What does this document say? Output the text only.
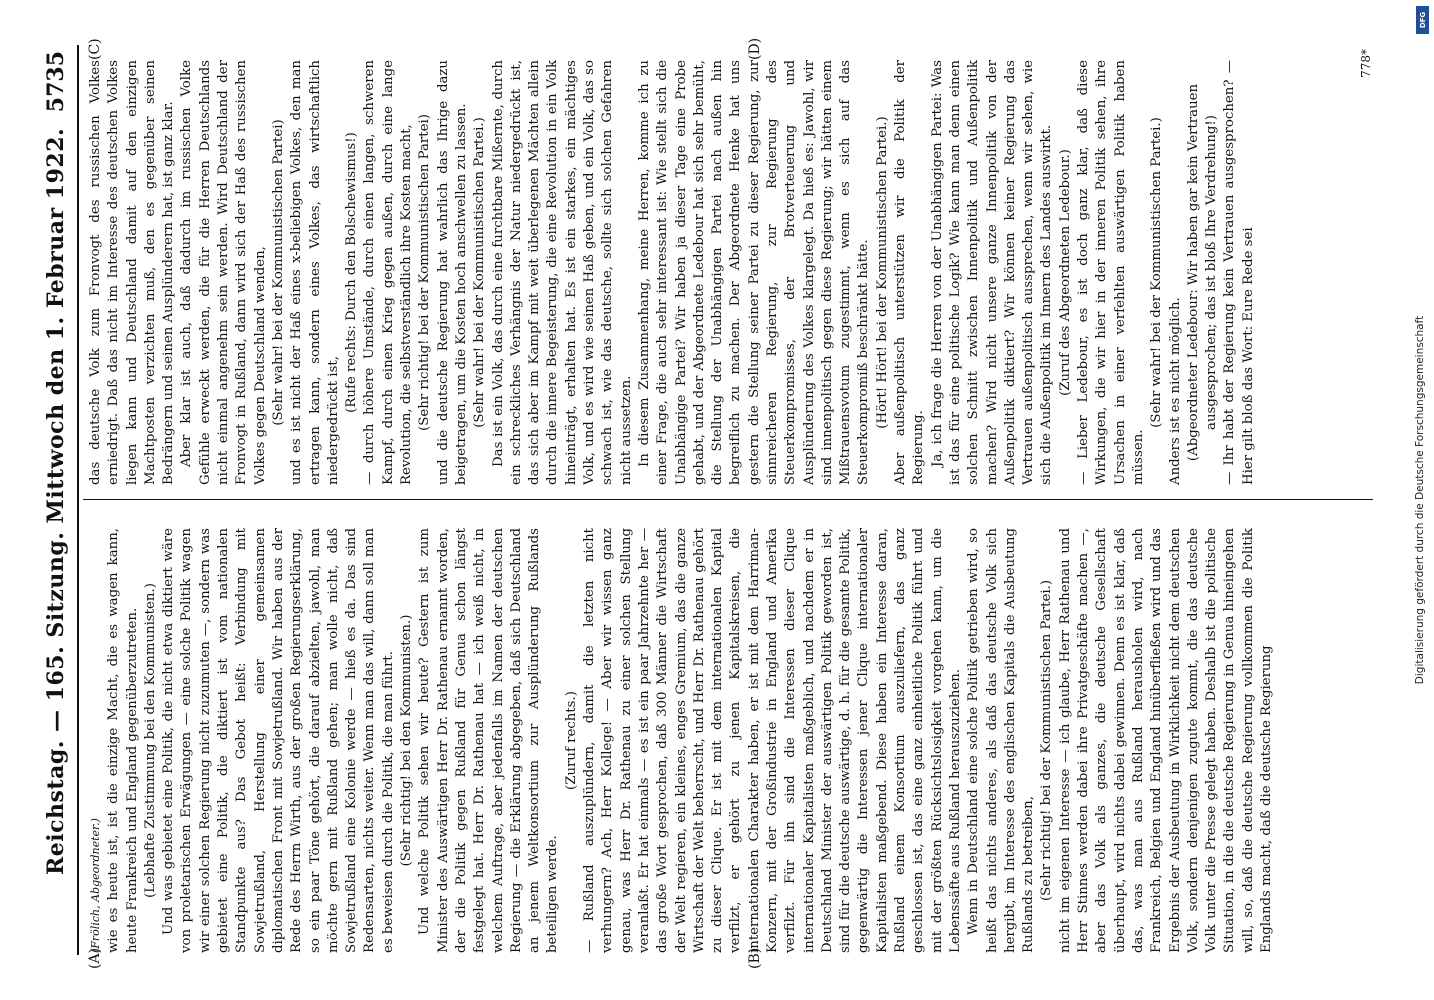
Reichstag. — 165. Sitzung. Mittwoch den 1. Februar 1922.
5735
(A)	(B)
(C)	(D)

(Frölich, Abgeordneter.) wie es heute ist, ist die einzige Macht, die es wagen kann, heute Frankreich und England gegenüberzutreten. (Lebhafte Zustimmung bei den Kommunisten.) Und was gebietet eine Politik, die nicht etwa diktiert wäre von proletarischen Erwägungen — eine solche Politik wagen wir einer solchen Regierung nicht zuzumuten —, sondern was gebietet eine Politik, die diktiert ist vom nationalen Standpunkte aus? Das Gebot heißt: Verbindung mit Sowjetrußland, Herstellung einer gemeinsamen diplomatischen Front mit Sowjetrußland. Wir haben aus der Rede des Herrn Wirth, aus der großen Regierungserklärung, so ein paar Töne gehört, die darauf abzielten, jawohl, man möchte gern mit Rußland gehen; man wolle nicht, daß Sowjetrußland eine Kolonie werde — hieß es da. Das sind Redensarten, nichts weiter. Wenn man das will, dann soll man es beweisen durch die Politik, die man führt. (Sehr richtig! bei den Kommunisten.) Und welche Politik sehen wir heute? Gestern ist zum Minister des Auswärtigen Herr Dr. Rathenau ernannt worden, der die Politik gegen Rußland für Genua schon längst festgelegt hat. Herr Dr. Rathenau hat — ich weiß nicht, in welchem Auftrage, aber jedenfalls im Namen der deutschen Regierung — die Erklärung abgegeben, daß sich Deutschland an jenem Weltkonsortium zur Ausplünderung Rußlands beteiligen werde.

(Zuruf rechts.) — Rußland auszuplündern, damit die letzten nicht verhungern? Ach, Herr Kollege! — Aber wir wissen ganz genau, was Herr Dr. Rathenau zu einer solchen Stellung veranlaßt. Er hat einmals — es ist ein paar Jahrzehnte her — das große Wort gesprochen, daß 300 Männer die Wirtschaft der Welt regieren, ein kleines, enges Gremium, das die ganze Wirtschaft der Welt beherrscht, und Herr Dr. Rathenau gehört zu dieser Clique. Er ist mit dem internationalen Kapital verfilzt, er gehört zu jenen Kapitalskreisen, die internationalen Charakter haben, er ist mit dem Harriman-Konzern, mit der Großindustrie in England und Amerika verfilzt. Für ihn sind die Interessen dieser Clique internationaler Kapitalisten maßgeblich, und nachdem er in Deutschland Minister der auswärtigen Politik geworden ist, sind für die deutsche auswärtige, d. h. für die gesamte Politik, gegenwärtig die Interessen jener Clique internationaler Kapitalisten maßgebend. Diese haben ein Interesse daran, Rußland einem Konsortium auszuliefern, das ganz geschlossen ist, das eine ganz einheitliche Politik führt und mit der größten Rücksichtslosigkeit vorgehen kann, um die Lebenssäfte aus Rußland herauszuziehen. Wenn in Deutschland eine solche Politik getrieben wird, so heißt das nichts anderes, als daß das deutsche Volk sich hergibt, im Interesse des englischen Kapitals die Ausbeutung Rußlands zu betreiben, (Sehr richtig! bei der Kommunistischen Partei.) nicht im eigenen Interesse — ich glaube, Herr Rathenau und Herr Stinnes werden dabei ihre Privatgeschäfte machen —, aber das Volk als ganzes, die deutsche Gesellschaft überhaupt, wird nichts dabei gewinnen. Denn es ist klar, daß das, was man aus Rußland herausholen wird, nach Frankreich, Belgien und England hinüberfließen wird und das Ergebnis der Ausbeutung in Wirklichkeit nicht dem deutschen Volk, sondern denjenigen zugute kommt, die das deutsche Volk unter die Presse gelegt haben. Deshalb ist die politische Situation, in die die deutsche Regierung in Genua hineingehen will, so, daß die deutsche Regierung vollkommen die Politik Englands macht, daß die deutsche Regierung

das deutsche Volk zum Fronvogt des russischen Volkes erniedrigt. Daß das nicht im Interesse des deutschen Volkes liegen kann und Deutschland damit auf den einzigen Machtposten verzichten muß, den es gegenüber seinen Bedrängern und seinen Ausplünderern hat, ist ganz klar. Aber klar ist auch, daß dadurch im russischen Volke Gefühle erweckt werden, die für die Herren Deutschlands nicht einmal angenehm sein werden. Wird Deutschland der Fronvogt in Rußland, dann wird sich der Haß des russischen Volkes gegen Deutschland wenden, (Sehr wahr! bei der Kommunistischen Partei) und es ist nicht der Haß eines x-beliebigen Volkes, den man ertragen kann, sondern eines Volkes, das wirtschaftlich niedergedrückt ist,

(Rufe rechts: Durch den Bolschewismus!) — durch höhere Umstände, durch einen langen, schweren Kampf, durch einen Krieg gegen außen, durch eine lange Revolution, die selbstverständlich ihre Kosten macht, (Sehr richtig! bei der Kommunistischen Partei) und die deutsche Regierung hat wahrlich das Ihrige dazu beigetragen, um die Kosten hoch anschwellen zu lassen. (Sehr wahr! bei der Kommunistischen Partei.) Das ist ein Volk, das durch eine furchtbare Mißernte, durch ein schreckliches Verhängnis der Natur niedergedrückt ist, das sich aber im Kampf mit weit überlegenen Mächten allein durch die innere Begeisterung, die eine Revolution in ein Volk hineinträgt, erhalten hat. Es ist ein starkes, ein mächtiges Volk, und es wird wie seinen Haß geben, und ein Volk, das so schwach ist, wie das deutsche, sollte sich solchen Gefahren nicht aussetzen. In diesem Zusammenhang, meine Herren, komme ich zu einer Frage, die auch sehr interessant ist: Wie stellt sich die Unabhängige Partei? Wir haben ja dieser Tage eine Probe gehabt, und der Abgeordnete Ledebour hat sich sehr bemüht, die Stellung der Unabhängigen Partei nach außen hin begreiflich zu machen. Der Abgeordnete Henke hat uns gestern die Stellung seiner Partei zu dieser Regierung, zur sinnreicheren Regierung, zur Regierung des Steuerkompromisses, der Brotverteuerung und Ausplünderung des Volkes klargelegt. Da hieß es: Jawohl, wir sind innenpolitisch gegen diese Regierung; wir hätten einem Mißtrauensvotum zugestimmt, wenn es sich auf das Steuerkompromiß beschränkt hätte. (Hört! Hört! bei der Kommunistischen Partei.) Aber außenpolitisch unterstützen wir die Politik der Regierung. Ja, ich frage die Herren von der Unabhängigen Partei: Was ist das für eine politische Logik? Wie kann man denn einen solchen Schnitt zwischen Innenpolitik und Außenpolitik machen? Wird nicht unsere ganze Innenpolitik von der Außenpolitik diktiert? Wir können keiner Regierung das Vertrauen außenpolitisch aussprechen, wenn wir sehen, wie sich die Außenpolitik im Innern des Landes auswirkt. (Zuruf des Abgeordneten Ledebour.) — Lieber Ledebour, es ist doch ganz klar, daß diese Wirkungen, die wir hier in der inneren Politik sehen, ihre Ursachen in einer verfehlten auswärtigen Politik haben müssen.

(Sehr wahr! bei der Kommunistischen Partei.) Anders ist es nicht möglich. (Abgeordneter Ledebour: Wir haben gar kein Vertrauen ausgesprochen; das ist bloß Ihre Verdrehung!) — Ihr habt der Regierung kein Vertrauen ausgesprochen? — Hier gilt bloß das Wort: Eure Rede sei

778*
Digitalisierung gefördert durch die Deutsche Forschungsgemeinschaft
DFG
